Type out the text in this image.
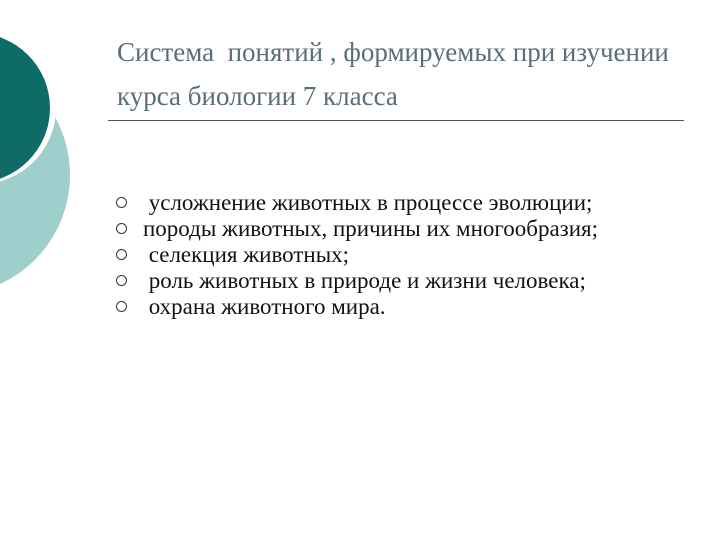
Система  понятий , формируемых при изучении курса биологии 7 класса
усложнение животных в процессе эволюции;
породы животных, причины их многообразия;
селекция животных;
роль животных в природе и жизни человека;
охрана животного мира.
